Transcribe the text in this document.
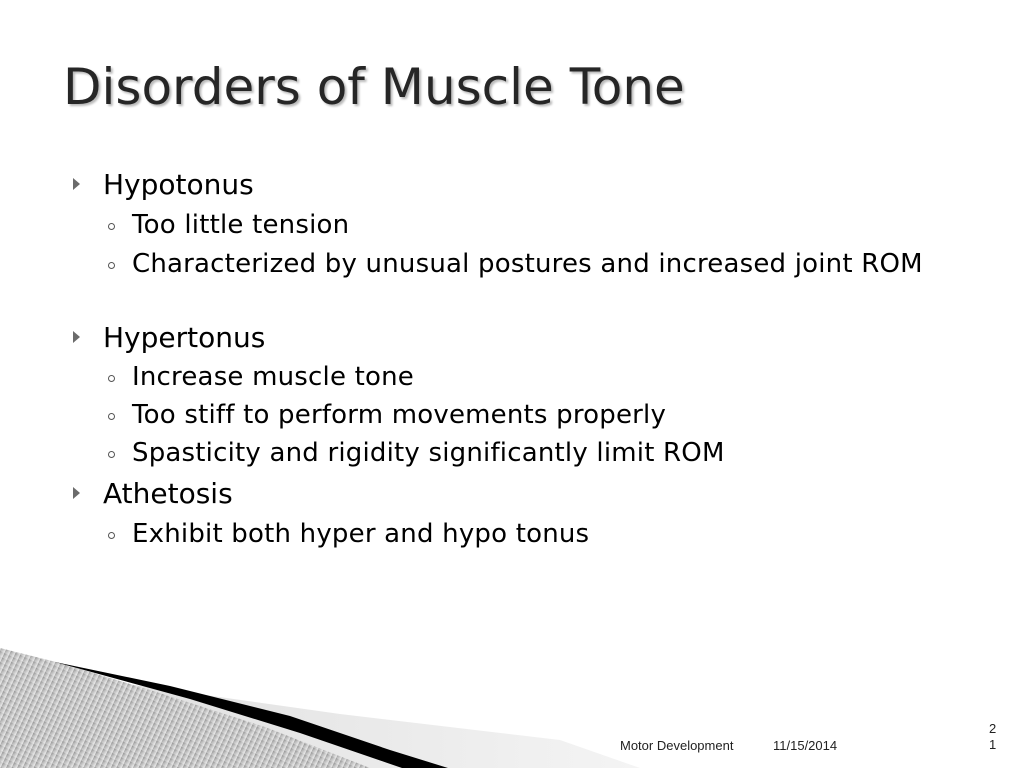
Disorders of Muscle Tone
Hypotonus
Too little tension
Characterized by unusual postures and increased joint ROM
Hypertonus
Increase muscle tone
Too stiff to perform movements properly
Spasticity and rigidity significantly limit ROM
Athetosis
Exhibit both hyper and hypo tonus
Motor Development	11/15/2014
21
